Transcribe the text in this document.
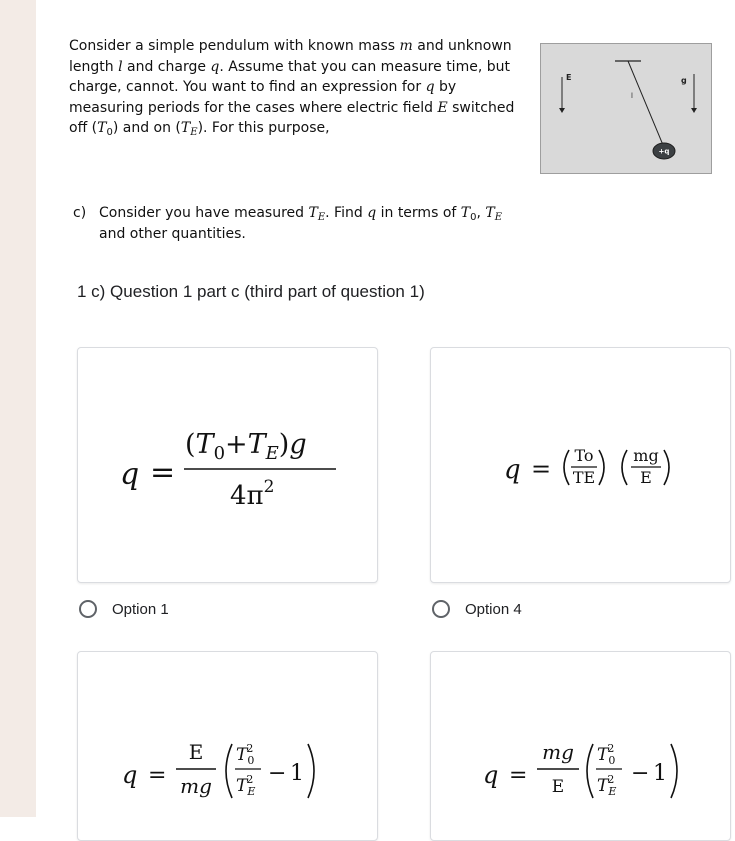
Consider a simple pendulum with known mass m and unknown
length l and charge q. Assume that you can measure time, but
charge, cannot. You want to find an expression for q by
measuring periods for the cases where electric field E switched
off $(T_0)$ and on $(T_E)$. For this purpose,
E
l
g
+q
c) Consider you have measured $T_E$. Find q in terms of $T_0$, $T_E$
and other quantities.
1 c) Question 1 part c (third part of question 1)
q =
$(T_0+T_E)g$
$4\pi^2$
q = To
TE
mg
E
Option 1	Option 4
q =
E
mg
T2 0
T2 E
− 1	q =
mg
E
T2 0
T2 E
− 1
